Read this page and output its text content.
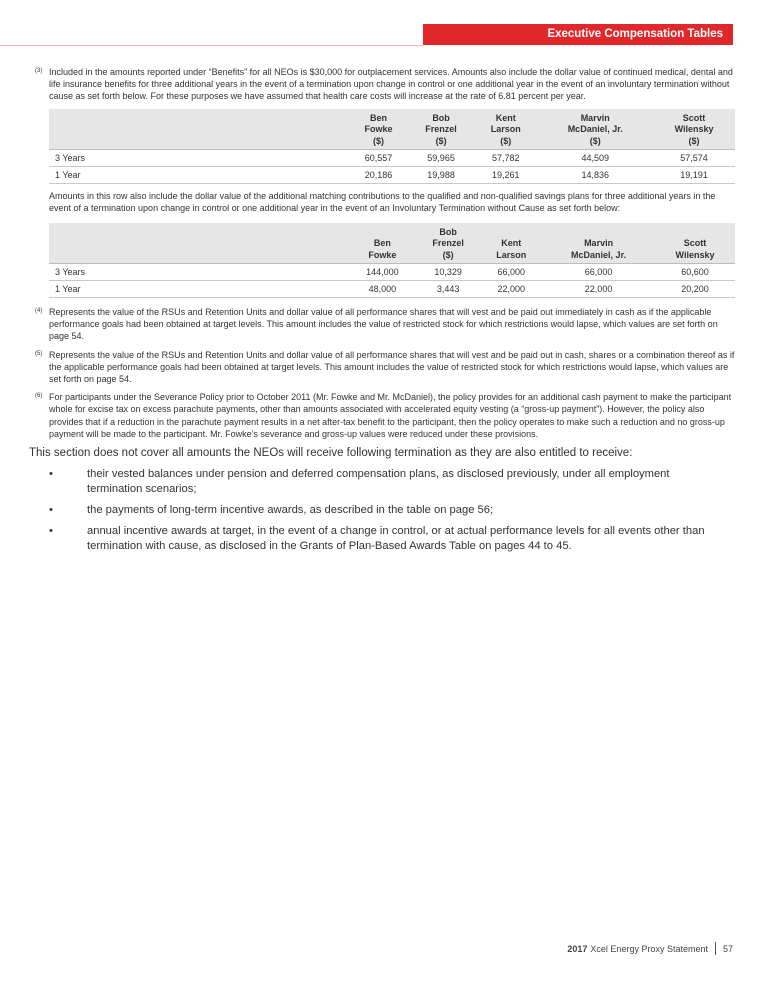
Executive Compensation Tables
(3) Included in the amounts reported under “Benefits” for all NEOs is $30,000 for outplacement services. Amounts also include the dollar value of continued medical, dental and life insurance benefits for three additional years in the event of a termination upon change in control or one additional year in the event of an involuntary termination without cause as set forth below. For these purposes we have assumed that health care costs will increase at the rate of 6.81 percent per year.
	Ben
Fowke
($)	Bob
Frenzel
($)	Kent
Larson
($)	Marvin
McDaniel, Jr.
($)	Scott
Wilensky
($)
3 Years	60,557	59,965	57,782	44,509	57,574
1 Year	20,186	19,988	19,261	14,836	19,191
Amounts in this row also include the dollar value of the additional matching contributions to the qualified and non-qualified savings plans for three additional years in the event of a termination upon change in control or one additional year in the event of an Involuntary Termination without Cause as set forth below:

Ben
Fowke	Bob
Frenzel
($)	Kent
Larson	Marvin
McDaniel, Jr.	Scott
Wilensky
3 Years	144,000	10,329	66,000	66,000	60,600
1 Year	48,000	3,443	22,000	22,000	20,200
(4) Represents the value of the RSUs and Retention Units and dollar value of all performance shares that will vest and be paid out immediately in cash as if the applicable performance goals had been obtained at target levels. This amount includes the value of restricted stock for which restrictions would lapse, which values are set forth on page 54.
(5) Represents the value of the RSUs and Retention Units and dollar value of all performance shares that will vest and be paid out in cash, shares or a combination thereof as if the applicable performance goals had been obtained at target levels. This amount includes the value of restricted stock for which restrictions would lapse, which values are set forth on page 54.
(6) For participants under the Severance Policy prior to October 2011 (Mr. Fowke and Mr. McDaniel), the policy provides for an additional cash payment to make the participant whole for excise tax on excess parachute payments, other than amounts associated with accelerated equity vesting (a “gross-up payment”). However, the policy also provides that if a reduction in the parachute payment results in a net after-tax benefit to the participant, then the policy operates to make such a reduction and no gross-up payment will be made to the participant. Mr. Fowke’s severance and gross-up values were reduced under these provisions.
This section does not cover all amounts the NEOs will receive following termination as they are also entitled to receive:
•	their vested balances under pension and deferred compensation plans, as disclosed previously, under all employment termination scenarios;
•	the payments of long-term incentive awards, as described in the table on page 56;
•	annual incentive awards at target, in the event of a change in control, or at actual performance levels for all events other than termination with cause, as disclosed in the Grants of Plan-Based Awards Table on pages 44 to 45.
2017 Xcel Energy Proxy Statement 57
